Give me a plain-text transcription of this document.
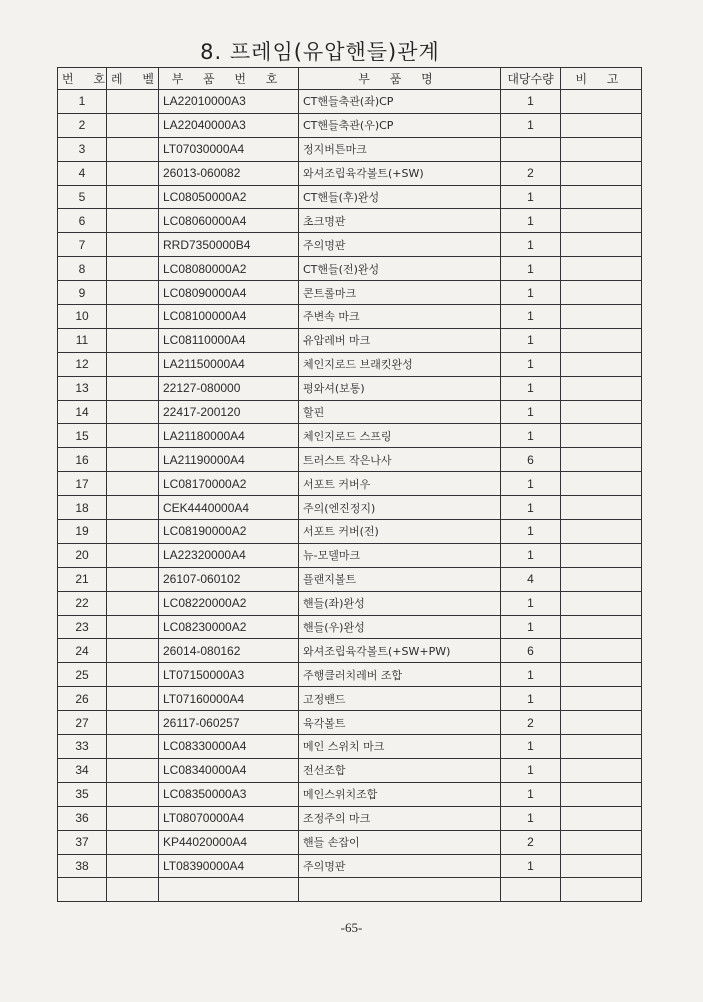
8. 프레임(유압핸들)관계
번 호	레 벨	부 품 번 호	부 품 명	대당수량	비 고
1		LA22010000A3	CT핸들축관(좌)CP	1	
2		LA22040000A3	CT핸들축관(우)CP	1	
3		LT07030000A4	정지버튼마크		
4		26013-060082	와셔조립육각볼트(+SW)	2	
5		LC08050000A2	CT핸들(후)완성	1	
6		LC08060000A4	초크명판	1	
7		RRD7350000B4	주의명판	1	
8		LC08080000A2	CT핸들(전)완성	1	
9		LC08090000A4	콘트롤마크	1	
10		LC08100000A4	주변속 마크	1	
11		LC08110000A4	유압레버 마크	1	
12		LA21150000A4	체인지로드 브래킷완성	1	
13		22127-080000	평와셔(보통)	1	
14		22417-200120	할핀	1	
15		LA21180000A4	체인지로드 스프링	1	
16		LA21190000A4	트러스트 작은나사	6	
17		LC08170000A2	서포트 커버우	1	
18		CEK4440000A4	주의(엔진정지)	1	
19		LC08190000A2	서포트 커버(전)	1	
20		LA22320000A4	뉴-모델마크	1	
21		26107-060102	플랜지볼트	4	
22		LC08220000A2	핸들(좌)완성	1	
23		LC08230000A2	핸들(우)완성	1	
24		26014-080162	와셔조립육각볼트(+SW+PW)	6	
25		LT07150000A3	주행클러치레버 조합	1	
26		LT07160000A4	고정밴드	1	
27		26117-060257	육각볼트	2	
33		LC08330000A4	메인 스위치 마크	1	
34		LC08340000A4	전선조합	1	
35		LC08350000A3	메인스위치조합	1	
36		LT08070000A4	조정주의 마크	1	
37		KP44020000A4	핸들 손잡이	2	
38		LT08390000A4	주의명판	1	

-65-
